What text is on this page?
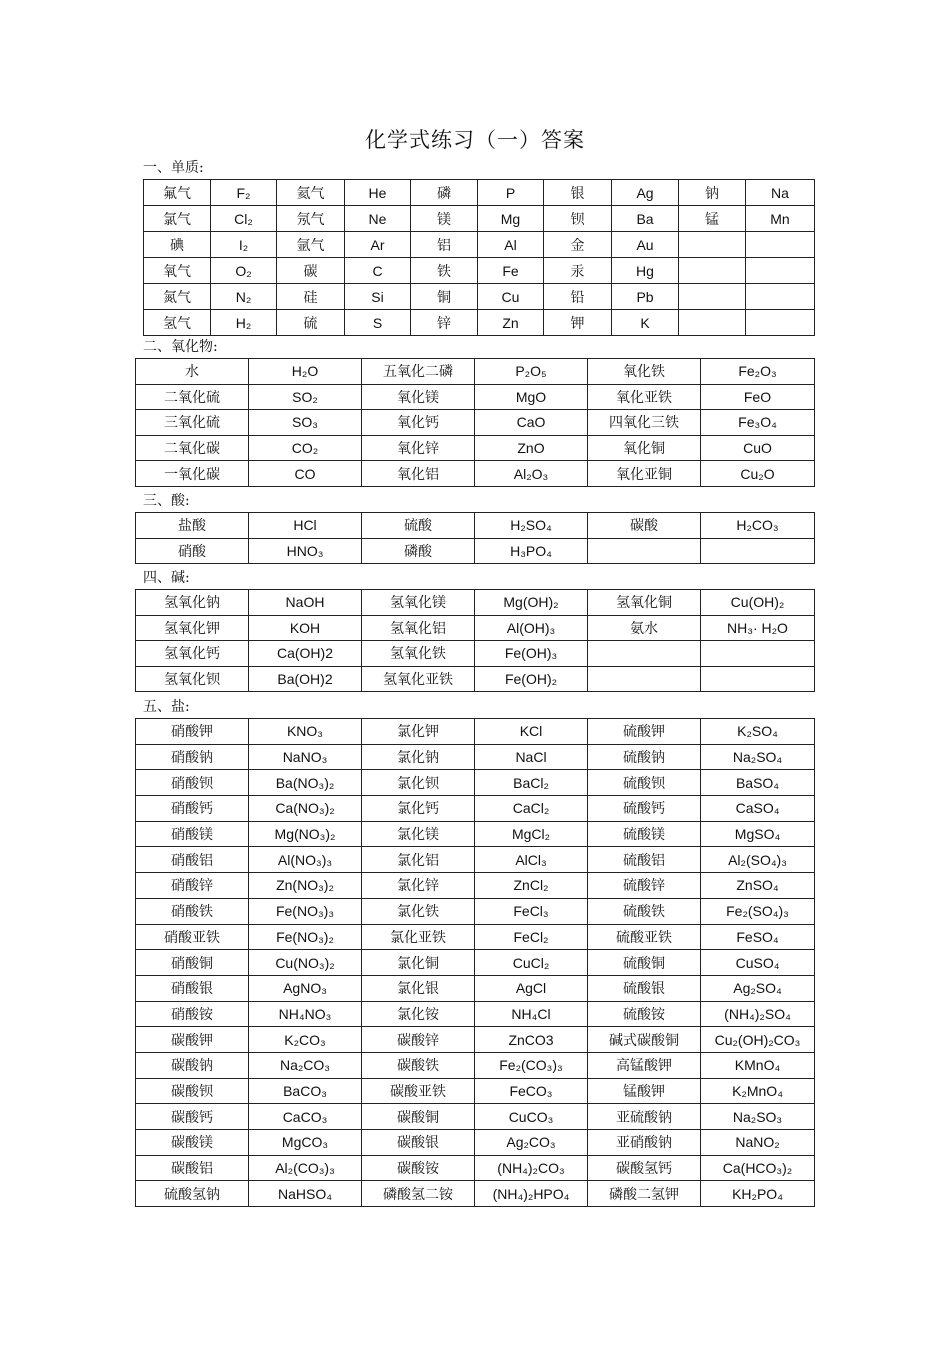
化学式练习（一）答案
一、单质:
氟气	F₂	氦气	He	磷	P	银	Ag	钠	Na
氯气	Cl₂	氖气	Ne	镁	Mg	钡	Ba	锰	Mn
碘	I₂	氩气	Ar	铝	Al	金	Au		
氧气	O₂	碳	C	铁	Fe	汞	Hg		
氮气	N₂	硅	Si	铜	Cu	铅	Pb		
氢气	H₂	硫	S	锌	Zn	钾	K		
二、氧化物:
水	H₂O	五氧化二磷	P₂O₅	氧化铁	Fe₂O₃
二氧化硫	SO₂	氧化镁	MgO	氧化亚铁	FeO
三氧化硫	SO₃	氧化钙	CaO	四氧化三铁	Fe₃O₄
二氧化碳	CO₂	氧化锌	ZnO	氧化铜	CuO
一氧化碳	CO	氧化铝	Al₂O₃	氧化亚铜	Cu₂O
三、酸:
盐酸	HCl	硫酸	H₂SO₄	碳酸	H₂CO₃
硝酸	HNO₃	磷酸	H₃PO₄		
四、碱:
氢氧化钠	NaOH	氢氧化镁	Mg(OH)₂	氢氧化铜	Cu(OH)₂
氢氧化钾	KOH	氢氧化铝	Al(OH)₃	氨水	NH₃· H₂O
氢氧化钙	Ca(OH)2	氢氧化铁	Fe(OH)₃		
氢氧化钡	Ba(OH)2	氢氧化亚铁	Fe(OH)₂		
五、盐:
硝酸钾	KNO₃	氯化钾	KCl	硫酸钾	K₂SO₄
硝酸钠	NaNO₃	氯化钠	NaCl	硫酸钠	Na₂SO₄
硝酸钡	Ba(NO₃)₂	氯化钡	BaCl₂	硫酸钡	BaSO₄
硝酸钙	Ca(NO₃)₂	氯化钙	CaCl₂	硫酸钙	CaSO₄
硝酸镁	Mg(NO₃)₂	氯化镁	MgCl₂	硫酸镁	MgSO₄
硝酸铝	Al(NO₃)₃	氯化铝	AlCl₃	硫酸铝	Al₂(SO₄)₃
硝酸锌	Zn(NO₃)₂	氯化锌	ZnCl₂	硫酸锌	ZnSO₄
硝酸铁	Fe(NO₃)₃	氯化铁	FeCl₃	硫酸铁	Fe₂(SO₄)₃
硝酸亚铁	Fe(NO₃)₂	氯化亚铁	FeCl₂	硫酸亚铁	FeSO₄
硝酸铜	Cu(NO₃)₂	氯化铜	CuCl₂	硫酸铜	CuSO₄
硝酸银	AgNO₃	氯化银	AgCl	硫酸银	Ag₂SO₄
硝酸铵	NH₄NO₃	氯化铵	NH₄Cl	硫酸铵	(NH₄)₂SO₄
碳酸钾	K₂CO₃	碳酸锌	ZnCO3	碱式碳酸铜	Cu₂(OH)₂CO₃
碳酸钠	Na₂CO₃	碳酸铁	Fe₂(CO₃)₃	高锰酸钾	KMnO₄
碳酸钡	BaCO₃	碳酸亚铁	FeCO₃	锰酸钾	K₂MnO₄
碳酸钙	CaCO₃	碳酸铜	CuCO₃	亚硫酸钠	Na₂SO₃
碳酸镁	MgCO₃	碳酸银	Ag₂CO₃	亚硝酸钠	NaNO₂
碳酸铝	Al₂(CO₃)₃	碳酸铵	(NH₄)₂CO₃	碳酸氢钙	Ca(HCO₃)₂
硫酸氢钠	NaHSO₄	磷酸氢二铵	(NH₄)₂HPO₄	磷酸二氢钾	KH₂PO₄
